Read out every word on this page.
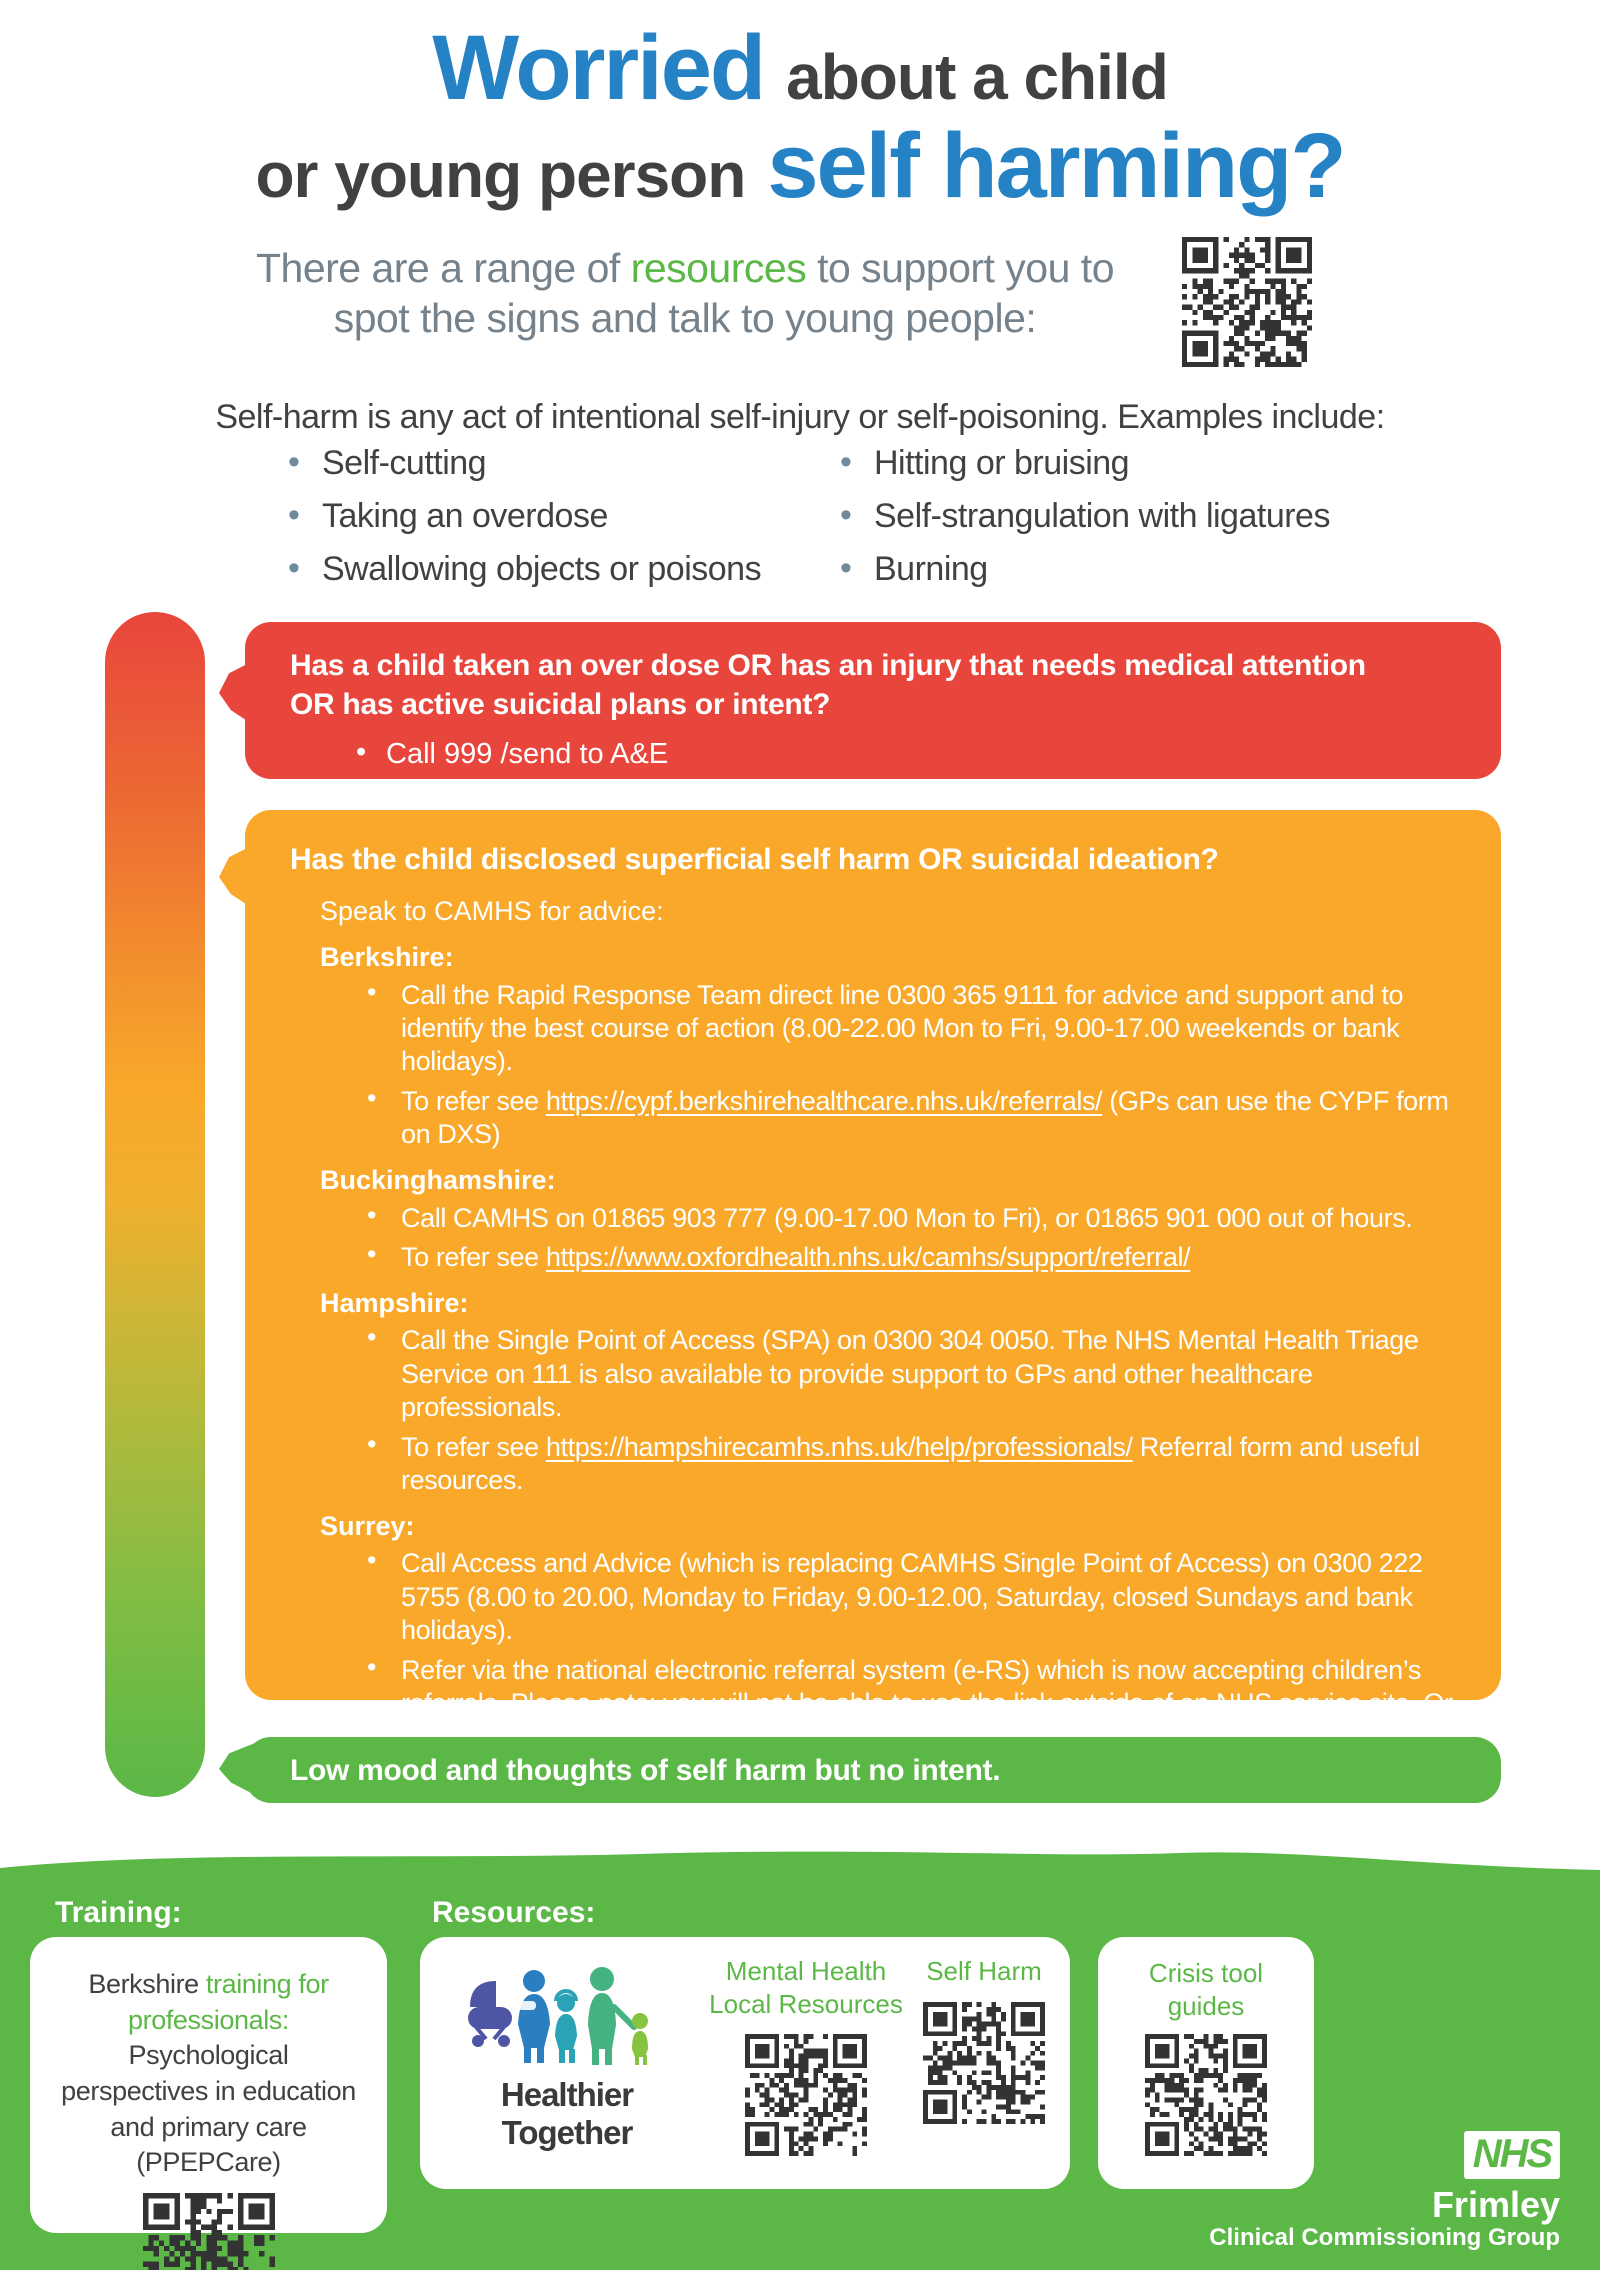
Worried about a child
or young person self harming?
There are a range of resources to support you to spot the signs and talk to young people:
Self-harm is any act of intentional self-injury or self-poisoning. Examples include:
• Self-cutting
• Taking an overdose
• Swallowing objects or poisons
• Hitting or bruising
• Self-strangulation with ligatures
• Burning
Has a child taken an over dose OR has an injury that needs medical attention OR has active suicidal plans or intent?

• Call 999 /send to A&E

Has the child disclosed superficial self harm OR suicidal ideation?

Speak to CAMHS for advice:

Berkshire:
• Call the Rapid Response Team direct line 0300 365 9111 for advice and support and to identify the best course of action (8.00-22.00 Mon to Fri, 9.00-17.00 weekends or bank holidays).
• To refer see https://cypf.berkshirehealthcare.nhs.uk/referrals/ (GPs can use the CYPF form on DXS)
Buckinghamshire:
• Call CAMHS on 01865 903 777 (9.00-17.00 Mon to Fri), or 01865 901 000 out of hours.
• To refer see https://www.oxfordhealth.nhs.uk/camhs/support/referral/
Hampshire:
• Call the Single Point of Access (SPA) on 0300 304 0050. The NHS Mental Health Triage Service on 111 is also available to provide support to GPs and other healthcare professionals.
• To refer see https://hampshirecamhs.nhs.uk/help/professionals/ Referral form and useful resources.
Surrey:
• Call Access and Advice (which is replacing CAMHS Single Point of Access) on 0300 222 5755 (8.00 to 20.00, Monday to Friday, 9.00-12.00, Saturday, closed Sundays and bank holidays).
• Refer via the national electronic referral system (e-RS) which is now accepting children’s referrals. Please note: you will not be able to use the link outside of an NHS service site. Or
Low mood and thoughts of self harm but no intent.
Training:	Resources:

Berkshire training for professionals: Psychological perspectives in education and primary care (PPEPCare)

Healthier Together
Mental Health Local Resources
Self Harm	Crisis tool guides
NHS
Frimley
Clinical Commissioning Group
